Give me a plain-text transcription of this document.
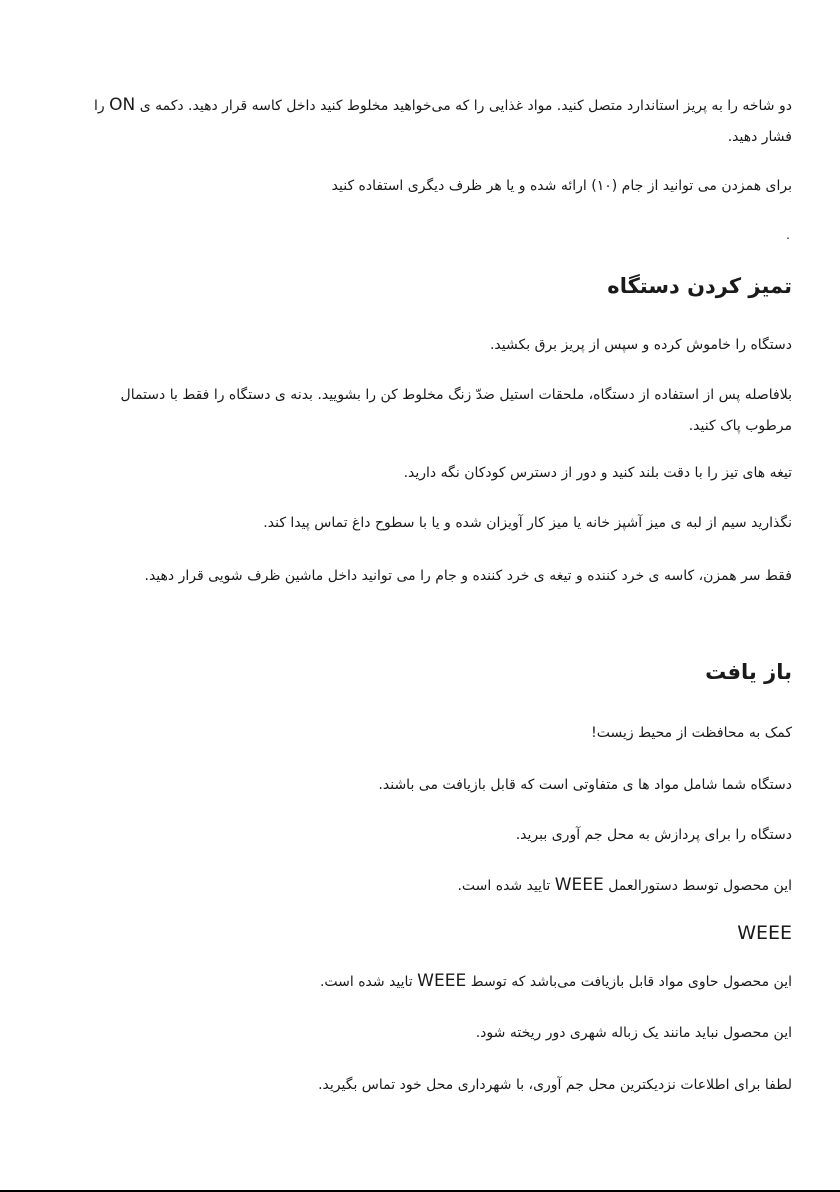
دو شاخه را به پریز استاندارد متصل کنید. مواد غذایی را که می‌خواهید مخلوط کنید داخل کاسه قرار دهید. دکمه ی ON را فشار دهید.

برای همزدن می توانید از جام (۱۰) ارائه شده و یا هر ظرف دیگری استفاده کنید

.
تمیز کردن دستگاه

دستگاه را خاموش کرده و سپس از پریز برق بکشید.

بلافاصله پس از استفاده از دستگاه، ملحقات استیل ضدّ زنگ مخلوط کن را بشویید. بدنه ی دستگاه را فقط با دستمال مرطوب پاک کنید.

تیغه های تیز را با دقت بلند کنید و دور از دسترس کودکان نگه دارید.

نگذارید سیم از لبه ی میز آشپز خانه یا میز کار آویزان شده و یا با سطوح داغ تماس پیدا کند.

فقط سر همزن، کاسه ی خرد کننده و تیغه ی خرد کننده و جام را می توانید داخل ماشین ظرف شویی قرار دهید.

باز یافت

کمک به محافظت از محیط زیست!

دستگاه شما شامل مواد ها ی متفاوتی است که قابل بازیافت می باشند.

دستگاه را برای پردازش به محل جم آوری ببرید.

این محصول توسط دستورالعمل WEEE تایید شده است.

WEEE

این محصول حاوی مواد قابل بازیافت می‌باشد که توسط WEEE تایید شده است.

این محصول نباید مانند یک زباله شهری دور ریخته شود.

لطفا برای اطلاعات نزدیکترین محل جم آوری، با شهرداری محل خود تماس بگیرید.
